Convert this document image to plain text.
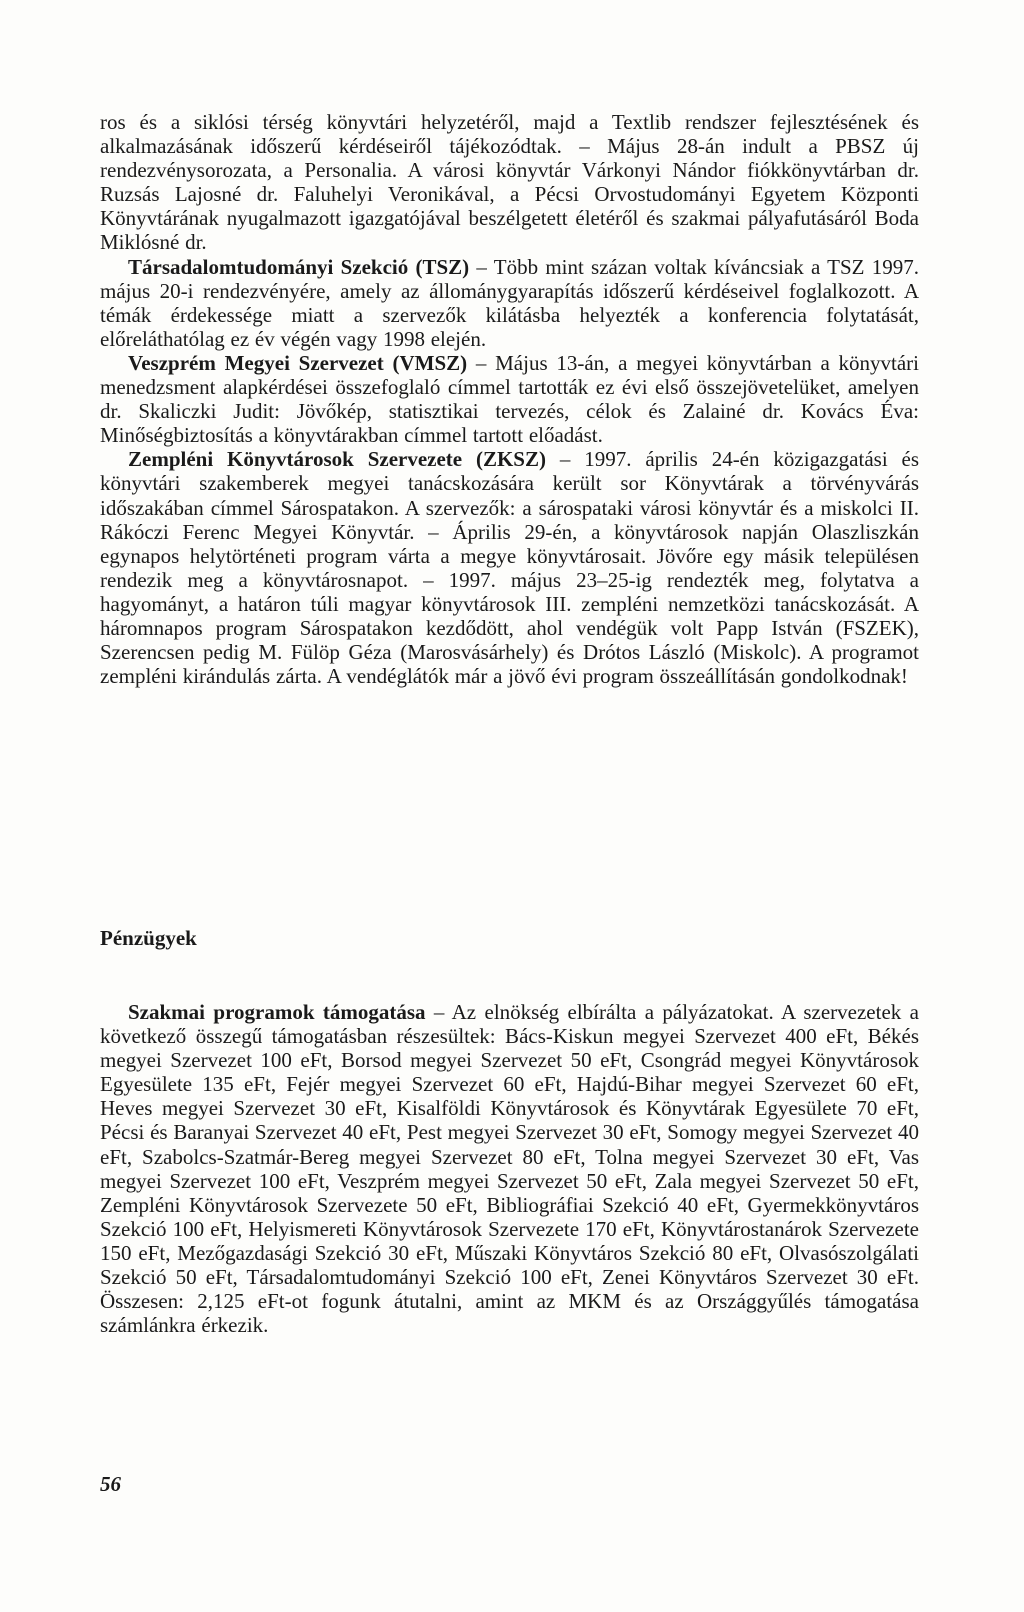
ros és a siklósi térség könyvtári helyzetéről, majd a Textlib rendszer fejlesztésének és alkalmazásának időszerű kérdéseiről tájékozódtak. – Május 28-án indult a PBSZ új rendezvénysorozata, a Personalia. A városi könyvtár Várkonyi Nándor fiókkönyvtárban dr. Ruzsás Lajosné dr. Faluhelyi Veronikával, a Pécsi Orvostudományi Egyetem Központi Könyvtárának nyugalmazott igazgatójával beszélgetett életéről és szakmai pályafutásáról Boda Miklósné dr.

Társadalomtudományi Szekció (TSZ) – Több mint százan voltak kíváncsiak a TSZ 1997. május 20-i rendezvényére, amely az állománygyarapítás időszerű kérdéseivel foglalkozott. A témák érdekessége miatt a szervezők kilátásba helyezték a konferencia folytatását, előreláthatólag ez év végén vagy 1998 elején.

Veszprém Megyei Szervezet (VMSZ) – Május 13-án, a megyei könyvtárban a könyvtári menedzsment alapkérdései összefoglaló címmel tartották ez évi első összejövetelüket, amelyen dr. Skaliczki Judit: Jövőkép, statisztikai tervezés, célok és Zalainé dr. Kovács Éva: Minőségbiztosítás a könyvtárakban címmel tartott előadást.

Zempléni Könyvtárosok Szervezete (ZKSZ) – 1997. április 24-én közigazgatási és könyvtári szakemberek megyei tanácskozására került sor Könyvtárak a törvényvárás időszakában címmel Sárospatakon. A szervezők: a sárospataki városi könyvtár és a miskolci II. Rákóczi Ferenc Megyei Könyvtár. – Április 29-én, a könyvtárosok napján Olaszliszkán egynapos helytörténeti program várta a megye könyvtárosait. Jövőre egy másik településen rendezik meg a könyvtárosnapot. – 1997. május 23–25-ig rendezték meg, folytatva a hagyományt, a határon túli magyar könyvtárosok III. zempléni nemzetközi tanácskozását. A háromnapos program Sárospatakon kezdődött, ahol vendégük volt Papp István (FSZEK), Szerencsen pedig M. Fülöp Géza (Marosvásárhely) és Drótos László (Miskolc). A programot zempléni kirándulás zárta. A vendéglátók már a jövő évi program összeállításán gondolkodnak!

Pénzügyek

Szakmai programok támogatása – Az elnökség elbírálta a pályázatokat. A szervezetek a következő összegű támogatásban részesültek: Bács-Kiskun megyei Szervezet 400 eFt, Békés megyei Szervezet 100 eFt, Borsod megyei Szervezet 50 eFt, Csongrád megyei Könyvtárosok Egyesülete 135 eFt, Fejér megyei Szervezet 60 eFt, Hajdú-Bihar megyei Szervezet 60 eFt, Heves megyei Szervezet 30 eFt, Kisalföldi Könyvtárosok és Könyvtárak Egyesülete 70 eFt, Pécsi és Baranyai Szervezet 40 eFt, Pest megyei Szervezet 30 eFt, Somogy megyei Szervezet 40 eFt, Szabolcs-Szatmár-Bereg megyei Szervezet 80 eFt, Tolna megyei Szervezet 30 eFt, Vas megyei Szervezet 100 eFt, Veszprém megyei Szervezet 50 eFt, Zala megyei Szervezet 50 eFt, Zempléni Könyvtárosok Szervezete 50 eFt, Bibliográfiai Szekció 40 eFt, Gyermekkönyvtáros Szekció 100 eFt, Helyismereti Könyvtárosok Szervezete 170 eFt, Könyvtárostanárok Szervezete 150 eFt, Mezőgazdasági Szekció 30 eFt, Műszaki Könyvtáros Szekció 80 eFt, Olvasószolgálati Szekció 50 eFt, Társadalomtudományi Szekció 100 eFt, Zenei Könyvtáros Szervezet 30 eFt. Összesen: 2,125 eFt-ot fogunk átutalni, amint az MKM és az Országgyűlés támogatása számlánkra érkezik.

56
